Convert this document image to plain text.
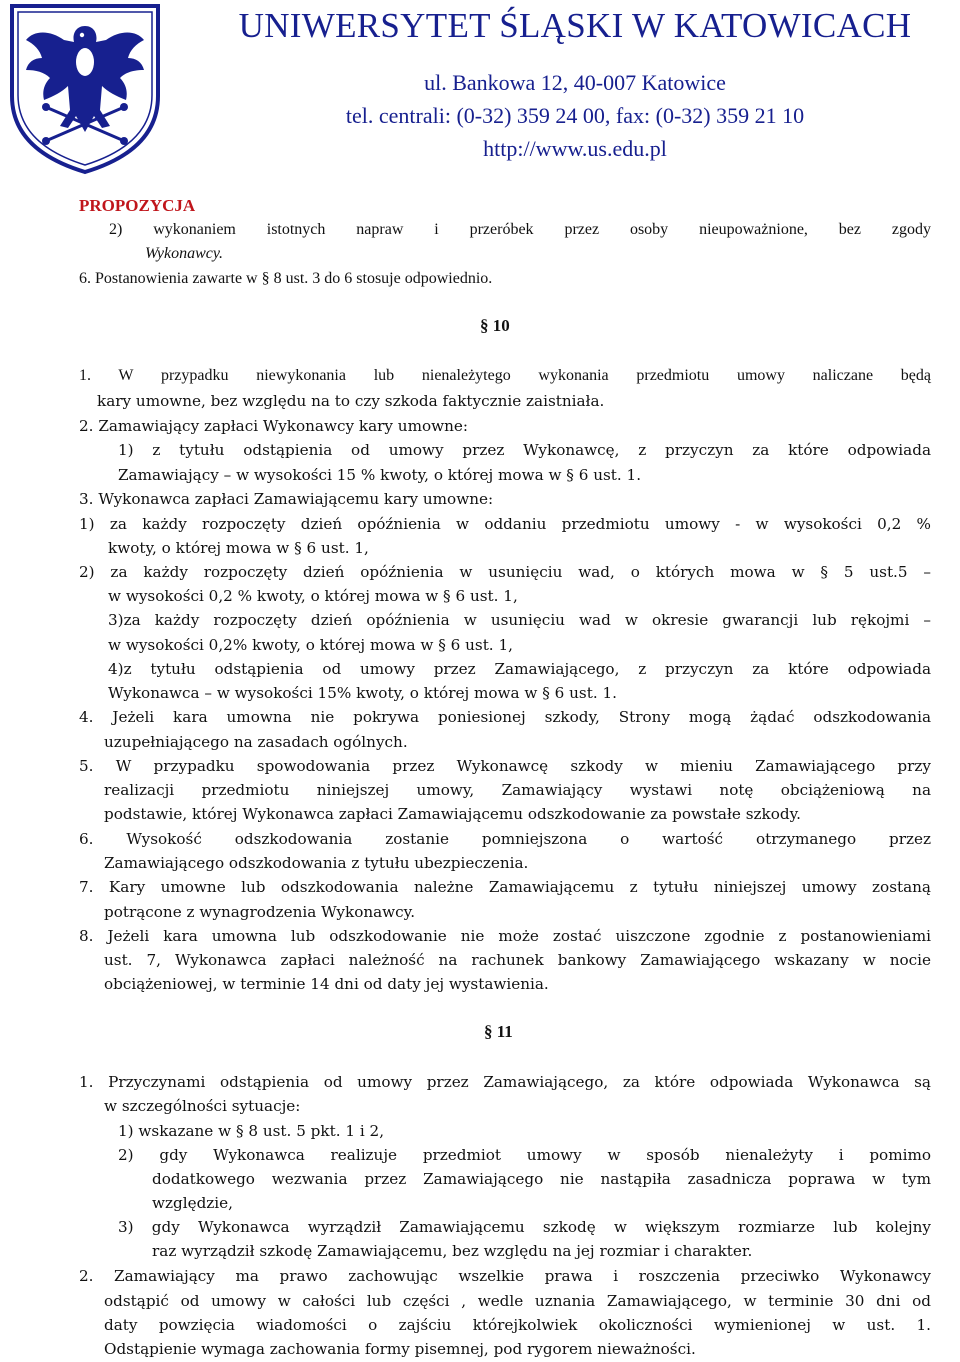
UNIWERSYTET ŚLĄSKI W KATOWICACH
ul. Bankowa 12, 40-007 Katowice
tel. centrali: (0-32) 359 24 00, fax: (0-32) 359 21 10
http://www.us.edu.pl
PROPOZYCJA
2) wykonaniem istotnych napraw i przeróbek przez osoby nieupoważnione, bez zgody
Wykonawcy.
6. Postanowienia zawarte w § 8 ust. 3 do 6 stosuje odpowiednio.
§ 10
1. W przypadku niewykonania lub nienależytego wykonania przedmiotu umowy naliczane będą
kary umowne, bez względu na to czy szkoda faktycznie zaistniała.
2. Zamawiający zapłaci Wykonawcy kary umowne:
1) z tytułu odstąpienia od umowy przez Wykonawcę, z przyczyn za które odpowiada
Zamawiający – w wysokości 15 % kwoty, o której mowa w § 6 ust. 1.
3. Wykonawca zapłaci Zamawiającemu kary umowne:
1) za każdy rozpoczęty dzień opóźnienia w oddaniu przedmiotu umowy - w wysokości 0,2 %
kwoty, o której mowa w § 6 ust. 1,
2) za każdy rozpoczęty dzień opóźnienia w usunięciu wad, o których mowa w § 5 ust.5 –
w wysokości 0,2 % kwoty, o której mowa w § 6 ust. 1,
3)za każdy rozpoczęty dzień opóźnienia w usunięciu wad w okresie gwarancji lub rękojmi –
w wysokości 0,2% kwoty, o której mowa w § 6 ust. 1,
4)z tytułu odstąpienia od umowy przez Zamawiającego, z przyczyn za które odpowiada
Wykonawca – w wysokości 15% kwoty, o której mowa w § 6 ust. 1.
4. Jeżeli kara umowna nie pokrywa poniesionej szkody, Strony mogą żądać odszkodowania
uzupełniającego na zasadach ogólnych.
5. W przypadku spowodowania przez Wykonawcę szkody w mieniu Zamawiającego przy
realizacji przedmiotu niniejszej umowy, Zamawiający wystawi notę obciążeniową na
podstawie, której Wykonawca zapłaci Zamawiającemu odszkodowanie za powstałe szkody.
6. Wysokość odszkodowania zostanie pomniejszona o wartość otrzymanego przez
Zamawiającego odszkodowania z tytułu ubezpieczenia.
7. Kary umowne lub odszkodowania należne Zamawiającemu z tytułu niniejszej umowy zostaną
potrącone z wynagrodzenia Wykonawcy.
8. Jeżeli kara umowna lub odszkodowanie nie może zostać uiszczone zgodnie z postanowieniami
ust. 7, Wykonawca zapłaci należność na rachunek bankowy Zamawiającego wskazany w nocie
obciążeniowej, w terminie 14 dni od daty jej wystawienia.
§ 11
1. Przyczynami odstąpienia od umowy przez Zamawiającego, za które odpowiada Wykonawca są
w szczególności sytuacje:
1) wskazane w § 8 ust. 5 pkt. 1 i 2,
2) gdy Wykonawca realizuje przedmiot umowy w sposób nienależyty i pomimo
dodatkowego wezwania przez Zamawiającego nie nastąpiła zasadnicza poprawa w tym
względzie,
3) gdy Wykonawca wyrządził Zamawiającemu szkodę w większym rozmiarze lub kolejny
raz wyrządził szkodę Zamawiającemu, bez względu na jej rozmiar i charakter.
2. Zamawiający ma prawo zachowując wszelkie prawa i roszczenia przeciwko Wykonawcy
odstąpić od umowy w całości lub części , wedle uznania Zamawiającego, w terminie 30 dni od
daty powzięcia wiadomości o zajściu którejkolwiek okoliczności wymienionej w ust. 1.
Odstąpienie wymaga zachowania formy pisemnej, pod rygorem nieważności.
